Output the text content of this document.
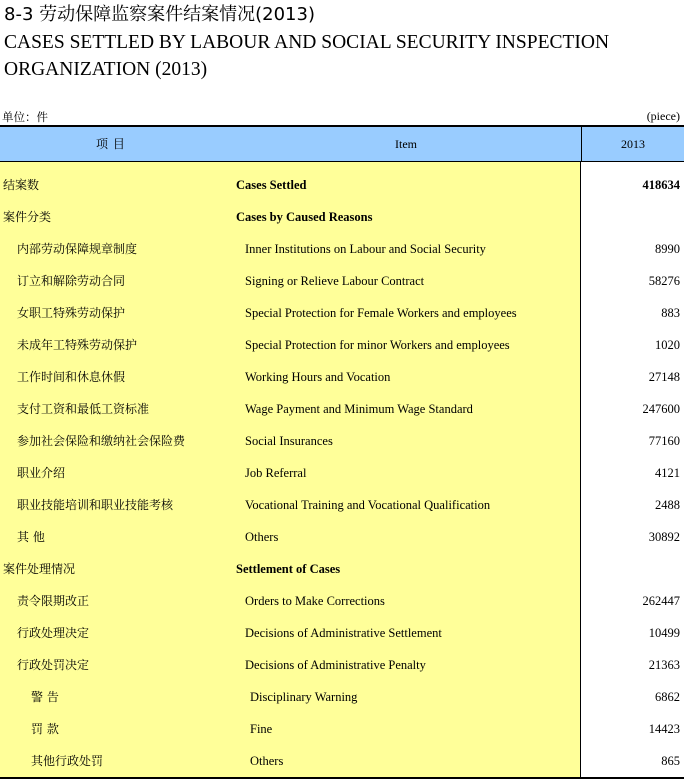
8-3 劳动保障监察案件结案情况(2013)
CASES SETTLED BY LABOUR AND SOCIAL SECURITY INSPECTION ORGANIZATION (2013)
单位：件	(piece)
项 目	Item	2013
结案数	Cases Settled	418634
案件分类	Cases by Caused Reasons
内部劳动保障规章制度	Inner Institutions on Labour and Social Security	8990
订立和解除劳动合同	Signing or Relieve Labour Contract	58276
女职工特殊劳动保护	Special Protection for Female Workers and employees	883
未成年工特殊劳动保护	Special Protection for minor Workers and employees	1020
工作时间和休息休假	Working Hours and Vocation	27148
支付工资和最低工资标准	Wage Payment and Minimum Wage Standard	247600
参加社会保险和缴纳社会保险费	Social Insurances	77160
职业介绍	Job Referral	4121
职业技能培训和职业技能考核	Vocational Training and Vocational Qualification	2488
其 他	Others	30892
案件处理情况	Settlement of Cases
责令限期改正	Orders to Make Corrections	262447
行政处理决定	Decisions of Administrative Settlement	10499
行政处罚决定	Decisions of Administrative Penalty	21363
警 告	Disciplinary Warning	6862
罚 款	Fine	14423
其他行政处罚	Others	865
